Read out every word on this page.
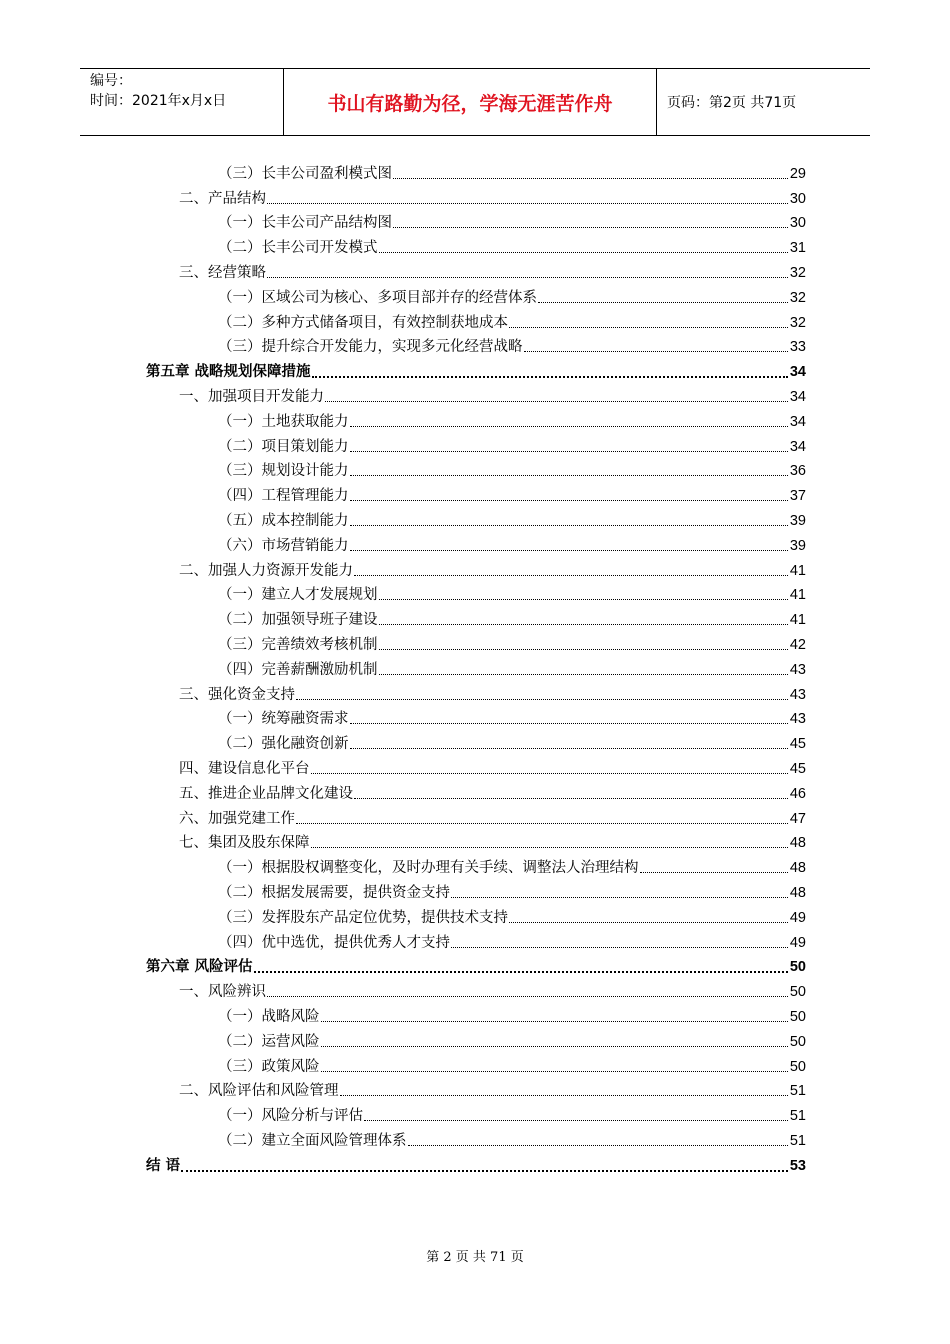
编号：
时间：2021年x月x日	书山有路勤为径，学海无涯苦作舟	页码：第2页 共71页
（三）长丰公司盈利模式图	29
二、产品结构	30
（一）长丰公司产品结构图	30
（二）长丰公司开发模式	31
三、经营策略	32
（一）区域公司为核心、多项目部并存的经营体系	32
（二）多种方式储备项目，有效控制获地成本	32
（三）提升综合开发能力，实现多元化经营战略	33
第五章 战略规划保障措施	34
一、加强项目开发能力	34
（一）土地获取能力	34
（二）项目策划能力	34
（三）规划设计能力	36
（四）工程管理能力	37
（五）成本控制能力	39
（六）市场营销能力	39
二、加强人力资源开发能力	41
（一）建立人才发展规划	41
（二）加强领导班子建设	41
（三）完善绩效考核机制	42
（四）完善薪酬激励机制	43
三、强化资金支持	43
（一）统筹融资需求	43
（二）强化融资创新	45
四、建设信息化平台	45
五、推进企业品牌文化建设	46
六、加强党建工作	47
七、集团及股东保障	48
（一）根据股权调整变化，及时办理有关手续、调整法人治理结构	48
（二）根据发展需要，提供资金支持	48
（三）发挥股东产品定位优势，提供技术支持	49
（四）优中选优，提供优秀人才支持	49
第六章 风险评估	50
一、风险辨识	50
（一）战略风险	50
（二）运营风险	50
（三）政策风险	50
二、风险评估和风险管理	51
（一）风险分析与评估	51
（二）建立全面风险管理体系	51
结 语	53
第 2 页 共 71 页
